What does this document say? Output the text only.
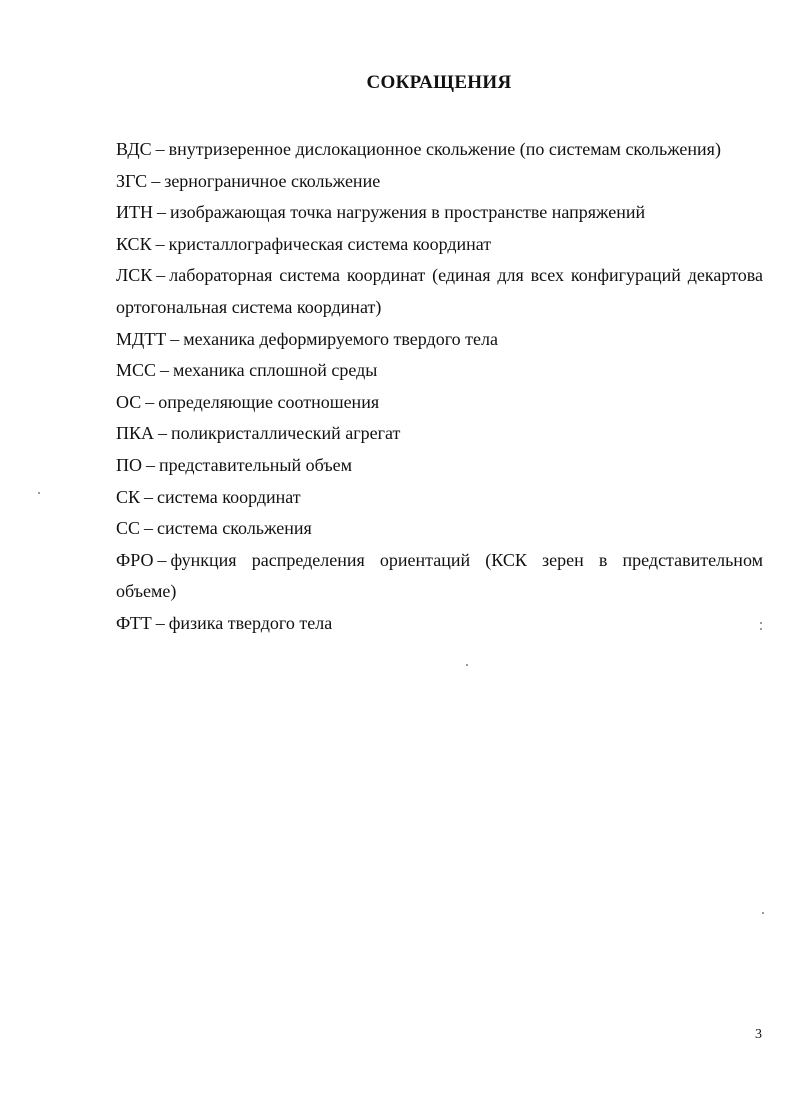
СОКРАЩЕНИЯ
ВДС – внутризеренное дислокационное скольжение (по системам скольжения)
ЗГС – зернограничное скольжение
ИТН – изображающая точка нагружения в пространстве напряжений
КСК – кристаллографическая система координат
ЛСК – лабораторная система координат (единая для всех конфигураций декартова ортогональная система координат)
МДТТ – механика деформируемого твердого тела
МСС – механика сплошной среды
ОС – определяющие соотношения
ПКА – поликристаллический агрегат
ПО – представительный объем
СК – система координат
СС – система скольжения
ФРО – функция распределения ориентаций (КСК зерен в представительном объеме)
ФТТ – физика твердого тела
3
